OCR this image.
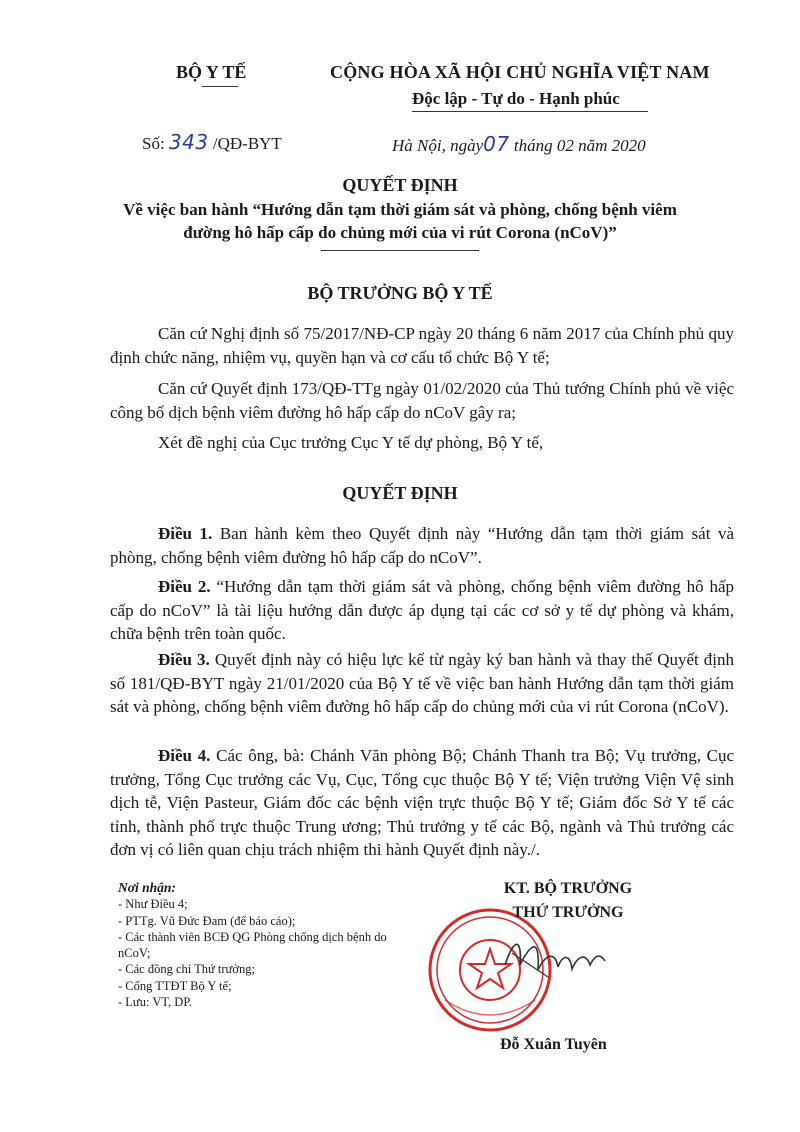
BỘ Y TẾ	CỘNG HÒA XÃ HỘI CHỦ NGHĨA VIỆT NAM
Độc lập - Tự do - Hạnh phúc
Số: 343 /QĐ-BYT	Hà Nội, ngày07 tháng 02 năm 2020
QUYẾT ĐỊNH
Về việc ban hành “Hướng dẫn tạm thời giám sát và phòng, chống bệnh viêm
đường hô hấp cấp do chủng mới của vi rút Corona (nCoV)”
BỘ TRƯỞNG BỘ Y TẾ
Căn cứ Nghị định số 75/2017/NĐ-CP ngày 20 tháng 6 năm 2017 của Chính phủ quy định chức năng, nhiệm vụ, quyền hạn và cơ cấu tổ chức Bộ Y tế;
Căn cứ Quyết định 173/QĐ-TTg ngày 01/02/2020 của Thủ tướng Chính phủ về việc công bố dịch bệnh viêm đường hô hấp cấp do nCoV gây ra;
Xét đề nghị của Cục trưởng Cục Y tế dự phòng, Bộ Y tế,
QUYẾT ĐỊNH
Điều 1. Ban hành kèm theo Quyết định này “Hướng dẫn tạm thời giám sát và phòng, chống bệnh viêm đường hô hấp cấp do nCoV”.
Điều 2. “Hướng dẫn tạm thời giám sát và phòng, chống bệnh viêm đường hô hấp cấp do nCoV” là tài liệu hướng dẫn được áp dụng tại các cơ sở y tế dự phòng và khám, chữa bệnh trên toàn quốc.
Điều 3. Quyết định này có hiệu lực kể từ ngày ký ban hành và thay thế Quyết định số 181/QĐ-BYT ngày 21/01/2020 của Bộ Y tế về việc ban hành Hướng dẫn tạm thời giám sát và phòng, chống bệnh viêm đường hô hấp cấp do chủng mới của vi rút Corona (nCoV).
Điều 4. Các ông, bà: Chánh Văn phòng Bộ; Chánh Thanh tra Bộ; Vụ trưởng, Cục trưởng, Tổng Cục trưởng các Vụ, Cục, Tổng cục thuộc Bộ Y tế; Viện trưởng Viện Vệ sinh dịch tễ, Viện Pasteur, Giám đốc các bệnh viện trực thuộc Bộ Y tế; Giám đốc Sở Y tế các tỉnh, thành phố trực thuộc Trung ương; Thủ trưởng y tế các Bộ, ngành và Thủ trưởng các đơn vị có liên quan chịu trách nhiệm thi hành Quyết định này./.
Nơi nhận:
- Như Điều 4;
- PTTg. Vũ Đức Đam (để báo cáo);
- Các thành viên BCĐ QG Phòng chống dịch bệnh do nCoV;
- Các đồng chí Thứ trưởng;
- Cổng TTĐT Bộ Y tế;
- Lưu: VT, DP.
KT. BỘ TRƯỞNG
THỨ TRƯỞNG
Đỗ Xuân Tuyên
